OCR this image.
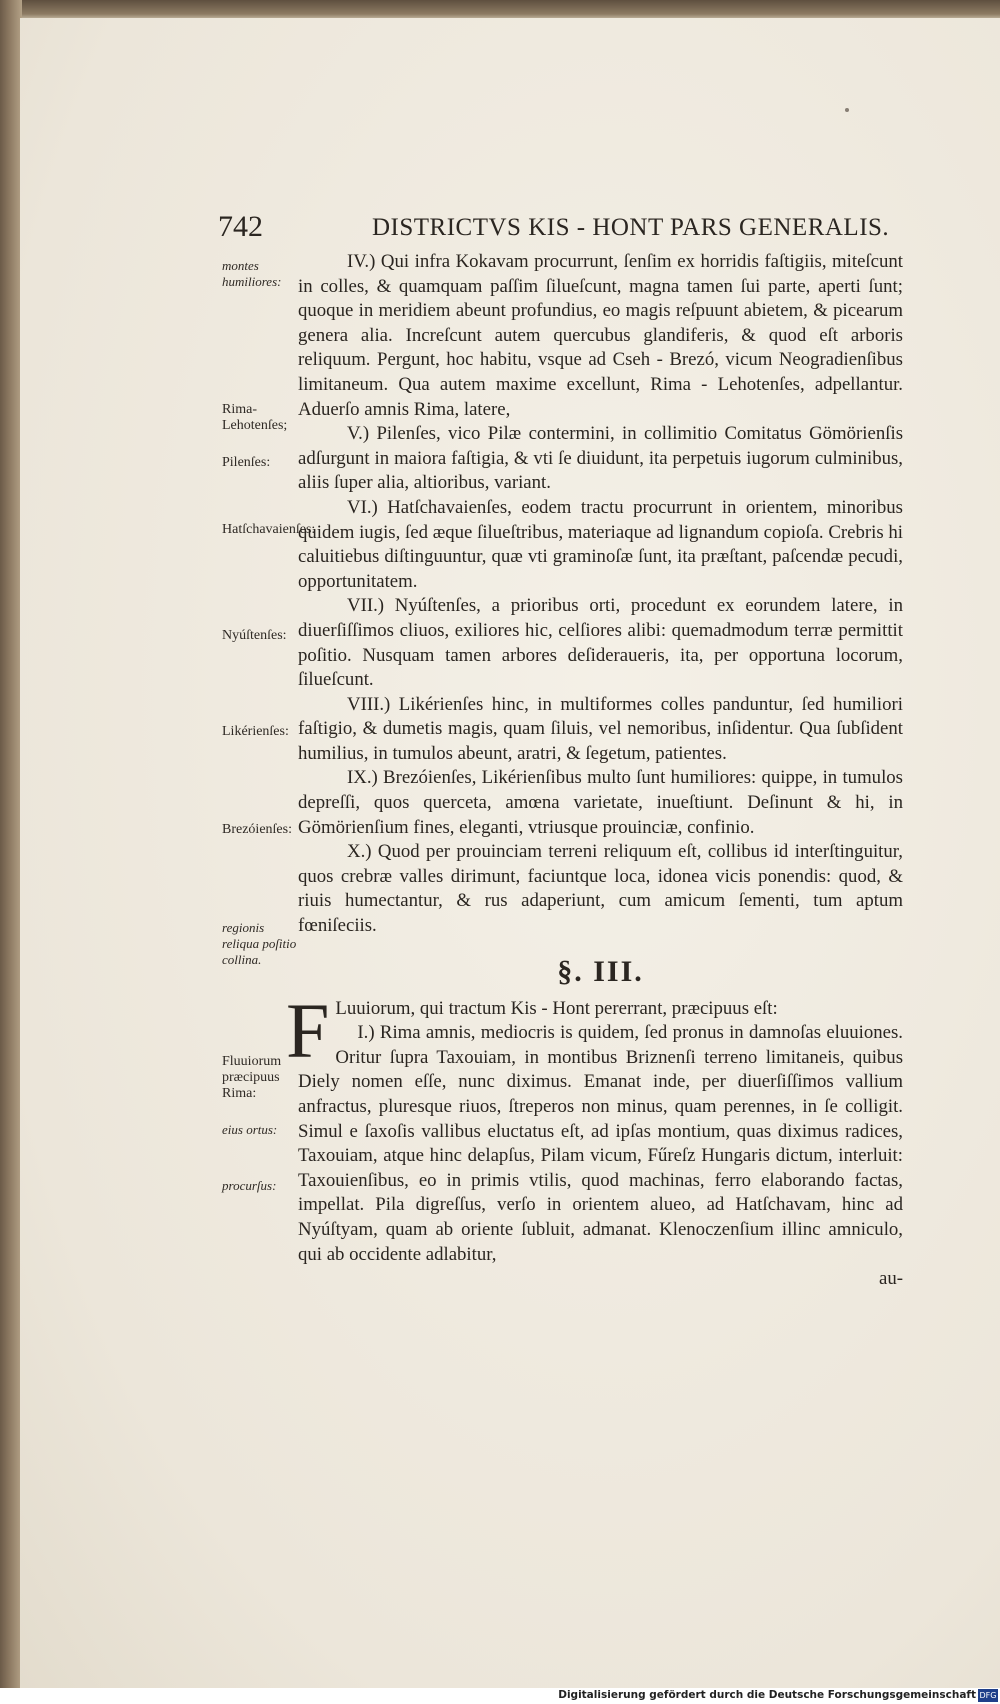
742	DISTRICTVS KIS - HONT PARS GENERALIS.
montes humiliores:
Rima-Lehotenſes;
Pilenſes:
Hatſchavaienſes:
Nyúſtenſes:
Likérienſes:
Brezóienſes:
regionis reliqua poſitio collina.
Fluuiorum præcipuus Rima:
eius ortus:
procurſus:

IV.) Qui infra Kokavam procurrunt, ſenſim ex horridis faſtigiis, miteſcunt in colles, & quamquam paſſim ſilueſcunt, magna tamen ſui parte, aperti ſunt; quoque in meridiem abeunt profundius, eo magis reſpuunt abietem, & picearum genera alia. Increſcunt autem quercubus glandiferis, & quod eſt arboris reliquum. Pergunt, hoc habitu, vsque ad Cseh - Brezó, vicum Neogradienſibus limitaneum. Qua autem maxime excellunt, Rima - Lehotenſes, adpellantur. Aduerſo amnis Rima, latere,

V.) Pilenſes, vico Pilæ contermini, in collimitio Comitatus Gömörienſis adſurgunt in maiora faſtigia, & vti ſe diuidunt, ita perpetuis iugorum culminibus, aliis ſuper alia, altioribus, variant.

VI.) Hatſchavaienſes, eodem tractu procurrunt in orientem, minoribus quidem iugis, ſed æque ſilueſtribus, materiaque ad lignandum copioſa. Crebris hi caluitiebus diſtinguuntur, quæ vti graminoſæ ſunt, ita præſtant, paſcendæ pecudi, opportunitatem.

VII.) Nyúſtenſes, a prioribus orti, procedunt ex eorundem latere, in diuerſiſſimos cliuos, exiliores hic, celſiores alibi: quemadmodum terræ permittit poſitio. Nusquam tamen arbores deſideraueris, ita, per opportuna locorum, ſilueſcunt.

VIII.) Likérienſes hinc, in multiformes colles panduntur, ſed humiliori faſtigio, & dumetis magis, quam ſiluis, vel nemoribus, inſidentur. Qua ſubſident humilius, in tumulos abeunt, aratri, & ſegetum, patientes.

IX.) Brezóienſes, Likérienſibus multo ſunt humiliores: quippe, in tumulos depreſſi, quos querceta, amœna varietate, inueſtiunt. Deſinunt & hi, in Gömörienſium fines, eleganti, vtriusque prouinciæ, confinio.

X.) Quod per prouinciam terreni reliquum eſt, collibus id interſtinguitur, quos crebræ valles dirimunt, faciuntque loca, idonea vicis ponendis: quod, & riuis humectantur, & rus adaperiunt, cum amicum ſementi, tum aptum fœniſeciis.

§. III.
F Luuiorum, qui tractum Kis - Hont pererrant, præcipuus eſt:
I.) Rima amnis, mediocris is quidem, ſed pronus in damnoſas eluuiones. Oritur ſupra Taxouiam, in montibus Briznenſi terreno limitaneis, quibus Diely nomen eſſe, nunc diximus. Emanat inde, per diuerſiſſimos vallium anfractus, pluresque riuos, ſtreperos non minus, quam perennes, in ſe colligit. Simul e ſaxoſis vallibus eluctatus eſt, ad ipſas montium, quas diximus radices, Taxouiam, atque hinc delapſus, Pilam vicum, Fűreſz Hungaris dictum, interluit: Taxouienſibus, eo in primis vtilis, quod machinas, ferro elaborando factas, impellat. Pila digreſſus, verſo in orientem alueo, ad Hatſchavam, hinc ad Nyúſtyam, quam ab oriente ſubluit, admanat. Klenoczenſium illinc amniculo, qui ab occidente adlabitur,
au-
Digitalisierung gefördert durch die Deutsche Forschungsgemeinschaft DFG
